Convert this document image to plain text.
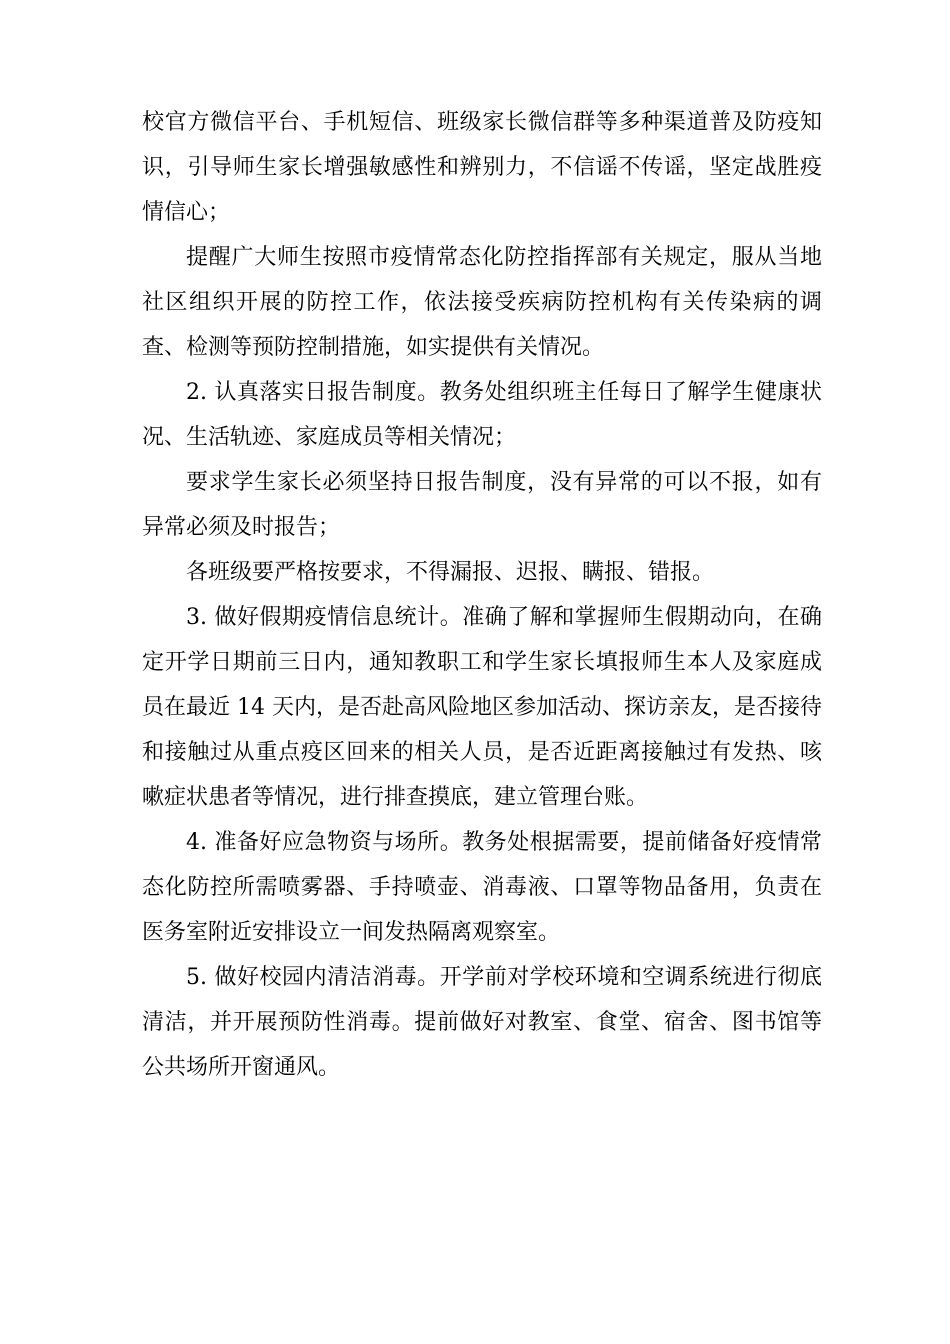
校官方微信平台、手机短信、班级家长微信群等多种渠道普及防疫知识，引导师生家长增强敏感性和辨别力，不信谣不传谣，坚定战胜疫情信心；

提醒广大师生按照市疫情常态化防控指挥部有关规定，服从当地社区组织开展的防控工作，依法接受疾病防控机构有关传染病的调查、检测等预防控制措施，如实提供有关情况。

2. 认真落实日报告制度。教务处组织班主任每日了解学生健康状况、生活轨迹、家庭成员等相关情况；

要求学生家长必须坚持日报告制度，没有异常的可以不报，如有异常必须及时报告；

各班级要严格按要求，不得漏报、迟报、瞒报、错报。

3. 做好假期疫情信息统计。准确了解和掌握师生假期动向，在确定开学日期前三日内，通知教职工和学生家长填报师生本人及家庭成员在最近 14 天内，是否赴高风险地区参加活动、探访亲友，是否接待和接触过从重点疫区回来的相关人员，是否近距离接触过有发热、咳嗽症状患者等情况，进行排查摸底，建立管理台账。

4. 准备好应急物资与场所。教务处根据需要，提前储备好疫情常态化防控所需喷雾器、手持喷壶、消毒液、口罩等物品备用，负责在医务室附近安排设立一间发热隔离观察室。

5. 做好校园内清洁消毒。开学前对学校环境和空调系统进行彻底清洁，并开展预防性消毒。提前做好对教室、食堂、宿舍、图书馆等公共场所开窗通风。
